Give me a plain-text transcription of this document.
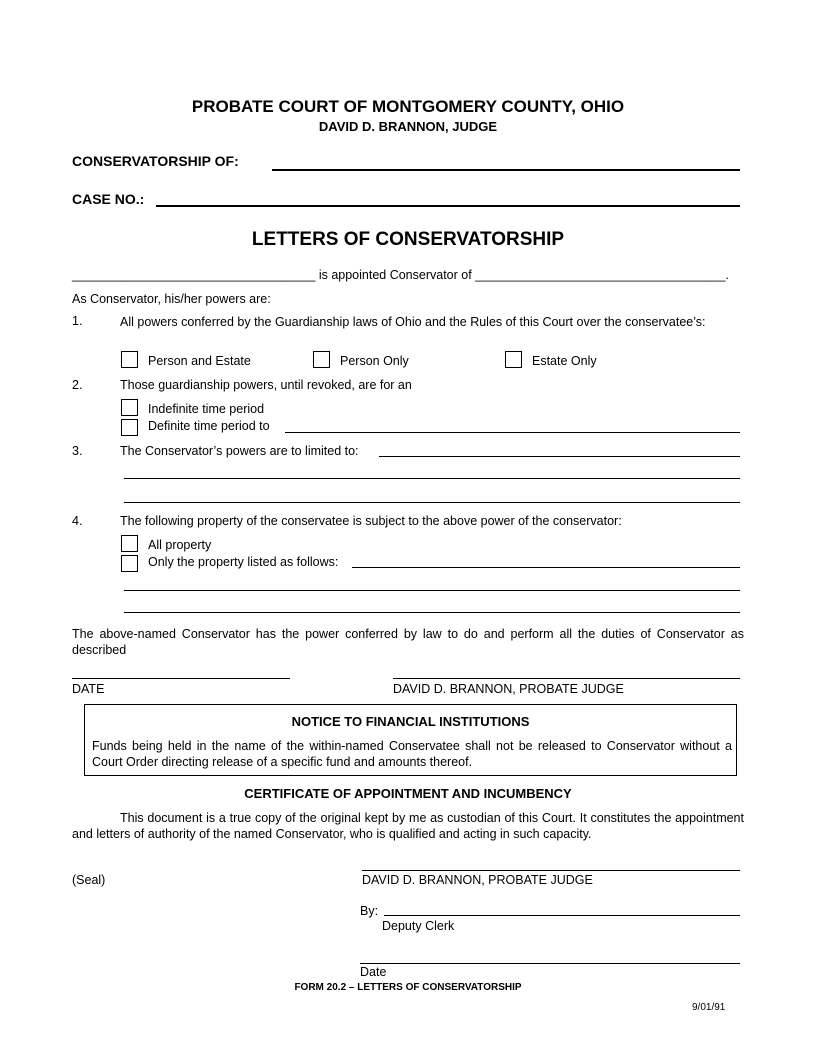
PROBATE COURT OF MONTGOMERY COUNTY, OHIO
DAVID D. BRANNON, JUDGE
CONSERVATORSHIP OF:
CASE NO.:
LETTERS OF CONSERVATORSHIP
___________________________________ is appointed Conservator of ____________________________________.
As Conservator, his/her powers are:
1.	All powers conferred by the Guardianship laws of Ohio and the Rules of this Court over the conservatee’s:
Person and Estate	Person Only	Estate Only
2.	Those guardianship powers, until revoked, are for an
Indefinite time period
Definite time period to
3.	The Conservator’s powers are to limited to:
4.	The following property of the conservatee is subject to the above power of the conservator:
All property
Only the property listed as follows:
The above-named Conservator has the power conferred by law to do and perform all the duties of Conservator as described
DATE	DAVID D. BRANNON, PROBATE JUDGE
NOTICE TO FINANCIAL INSTITUTIONS
Funds being held in the name of the within-named Conservatee shall not be released to Conservator without a Court Order directing release of a specific fund and amounts thereof.
CERTIFICATE OF APPOINTMENT AND INCUMBENCY
This document is a true copy of the original kept by me as custodian of this Court. It constitutes the appointment and letters of authority of the named Conservator, who is qualified and acting in such capacity.
(Seal)	DAVID D. BRANNON, PROBATE JUDGE
By:
Deputy Clerk
Date
FORM 20.2 – LETTERS OF CONSERVATORSHIP
9/01/91
